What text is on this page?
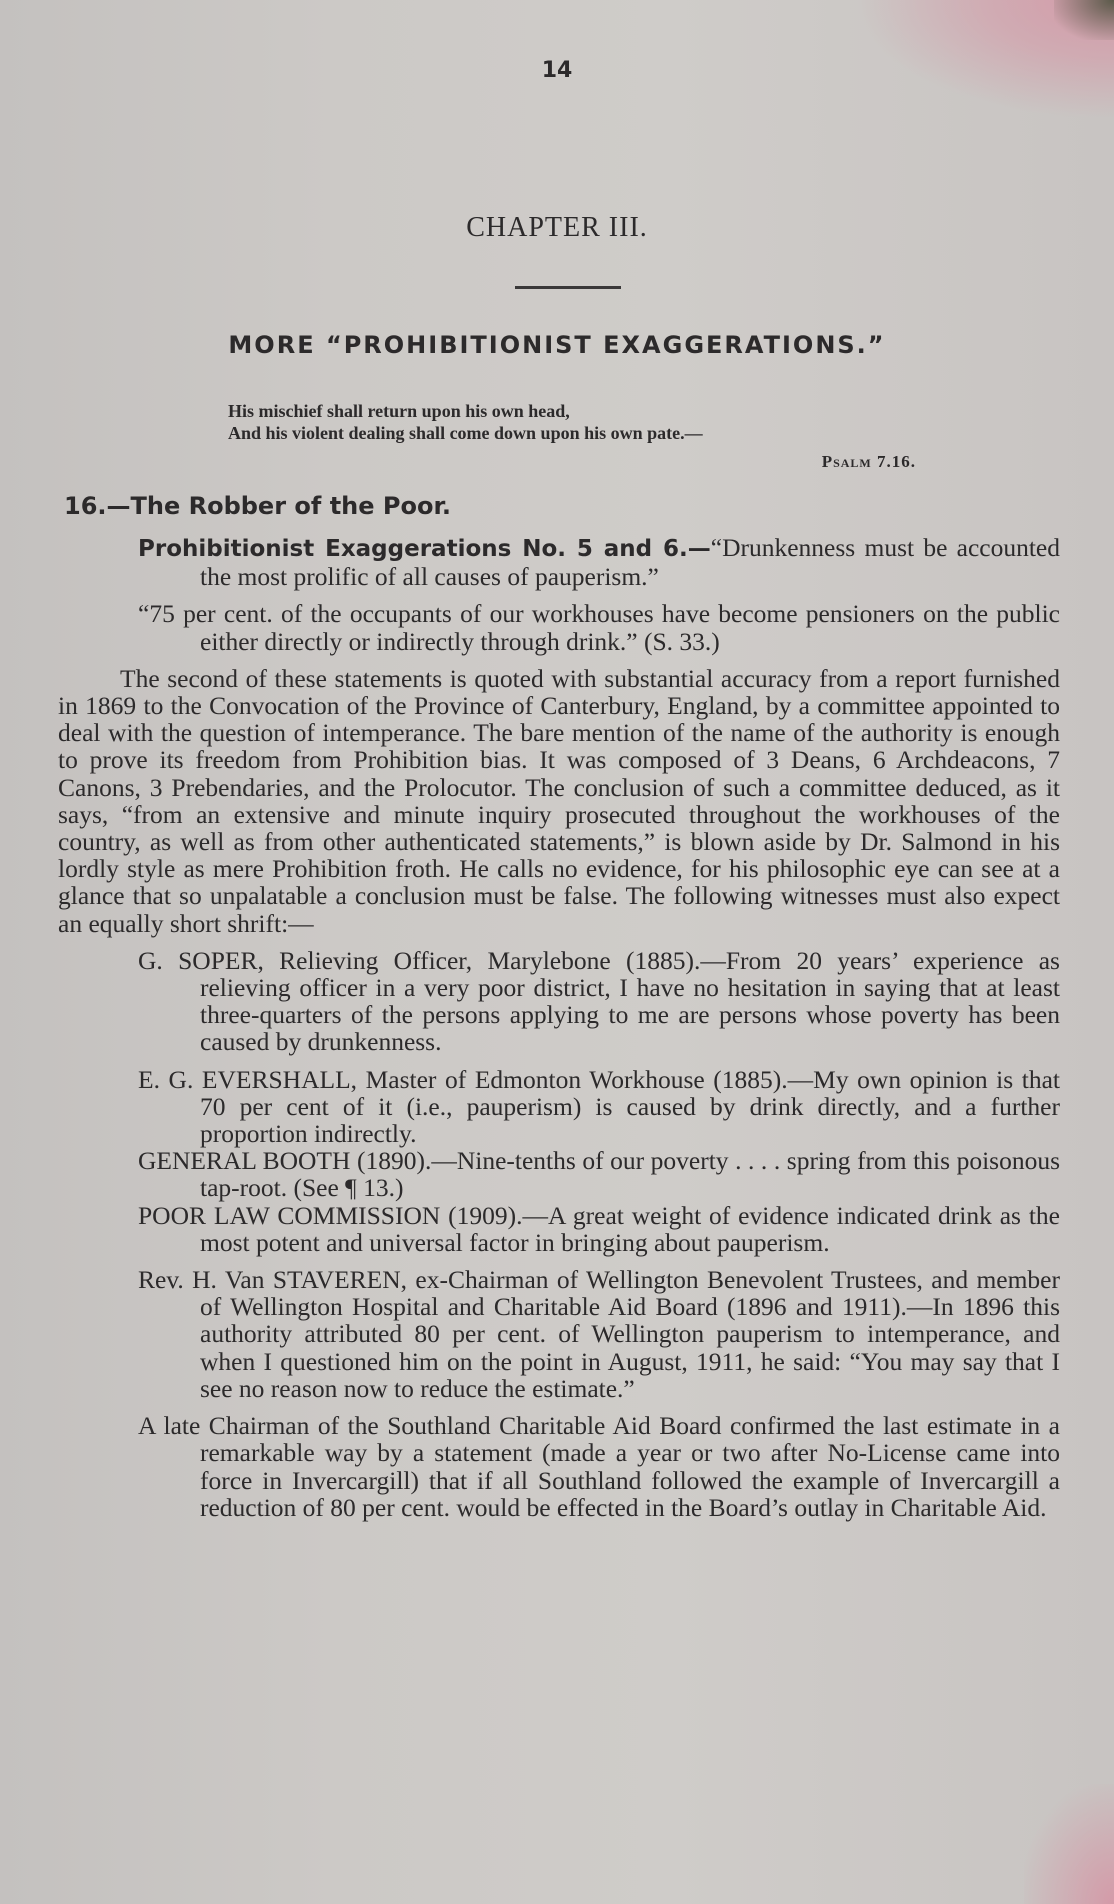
14
CHAPTER III.
MORE “PROHIBITIONIST EXAGGERATIONS.”
His mischief shall return upon his own head,
And his violent dealing shall come down upon his own pate.—
Psalm 7.16.
16.—The Robber of the Poor.

Prohibitionist Exaggerations No. 5 and 6.—“Drunkenness must be accounted the most prolific of all causes of pauperism.”

“75 per cent. of the occupants of our workhouses have become pensioners on the public either directly or indirectly through drink.” (S. 33.)

The second of these statements is quoted with substantial accuracy from a report furnished in 1869 to the Convocation of the Province of Canterbury, England, by a committee appointed to deal with the question of intemperance. The bare mention of the name of the authority is enough to prove its freedom from Prohibition bias. It was composed of 3 Deans, 6 Archdeacons, 7 Canons, 3 Prebendaries, and the Prolocutor. The conclusion of such a committee deduced, as it says, “from an extensive and minute inquiry prosecuted throughout the workhouses of the country, as well as from other authenticated statements,” is blown aside by Dr. Salmond in his lordly style as mere Prohibition froth. He calls no evidence, for his philosophic eye can see at a glance that so unpalatable a conclusion must be false. The following witnesses must also expect an equally short shrift:—

G. SOPER, Relieving Officer, Marylebone (1885).—From 20 years’ experience as relieving officer in a very poor district, I have no hesitation in saying that at least three-quarters of the persons applying to me are persons whose poverty has been caused by drunkenness.

E. G. EVERSHALL, Master of Edmonton Workhouse (1885).—My own opinion is that 70 per cent of it (i.e., pauperism) is caused by drink directly, and a further proportion indirectly.

GENERAL BOOTH (1890).—Nine-tenths of our poverty . . . . spring from this poisonous tap-root. (See ¶ 13.)

POOR LAW COMMISSION (1909).—A great weight of evidence indicated drink as the most potent and universal factor in bringing about pauperism.

Rev. H. Van STAVEREN, ex-Chairman of Wellington Benevolent Trustees, and member of Wellington Hospital and Charitable Aid Board (1896 and 1911).—In 1896 this authority attributed 80 per cent. of Wellington pauperism to intemperance, and when I questioned him on the point in August, 1911, he said: “You may say that I see no reason now to reduce the estimate.”

A late Chairman of the Southland Charitable Aid Board confirmed the last estimate in a remarkable way by a statement (made a year or two after No-License came into force in Invercargill) that if all Southland followed the example of Invercargill a reduction of 80 per cent. would be effected in the Board’s outlay in Charitable Aid.
